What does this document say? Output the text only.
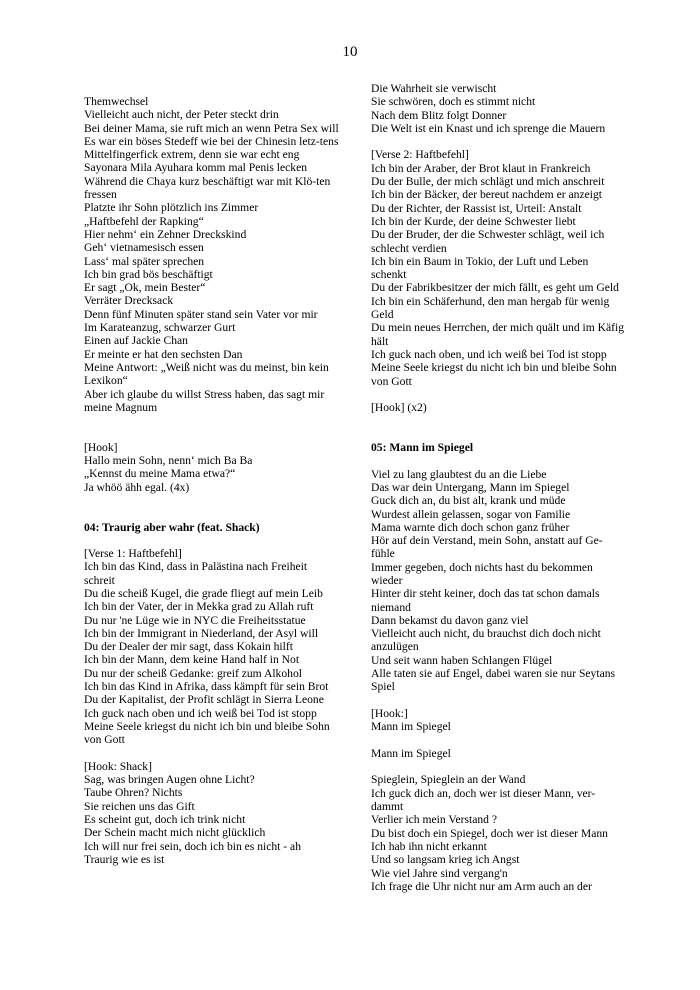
10
Themwechsel
Vielleicht auch nicht, der Peter steckt drin
Bei deiner Mama, sie ruft mich an wenn Petra Sex will
Es war ein böses Stedeff wie bei der Chinesin letz-tens
Mittelfingerfick extrem, denn sie war echt eng
Sayonara Mila Ayuhara komm mal Penis lecken
Während die Chaya kurz beschäftigt war mit Klö-ten fressen
Platzte ihr Sohn plötzlich ins Zimmer
„Haftbefehl der Rapking“
Hier nehm‘ ein Zehner Dreckskind
Geh‘ vietnamesisch essen
Lass‘ mal später sprechen
Ich bin grad bös beschäftigt
Er sagt „Ok, mein Bester“
Verräter Drecksack
Denn fünf Minuten später stand sein Vater vor mir
Im Karateanzug, schwarzer Gurt
Einen auf Jackie Chan
Er meinte er hat den sechsten Dan
Meine Antwort: „Weiß nicht was du meinst, bin kein Lexikon“
Aber ich glaube du willst Stress haben, das sagt mir meine Magnum
[Hook]
Hallo mein Sohn, nenn‘ mich Ba Ba
„Kennst du meine Mama etwa?“
Ja whöö ähh egal. (4x)
04: Traurig aber wahr (feat. Shack)
[Verse 1: Haftbefehl]
Ich bin das Kind, dass in Palästina nach Freiheit schreit
Du die scheiß Kugel, die grade fliegt auf mein Leib
Ich bin der Vater, der in Mekka grad zu Allah ruft
Du nur 'ne Lüge wie in NYC die Freiheitsstatue
Ich bin der Immigrant in Niederland, der Asyl will
Du der Dealer der mir sagt, dass Kokain hilft
Ich bin der Mann, dem keine Hand half in Not
Du nur der scheiß Gedanke: greif zum Alkohol
Ich bin das Kind in Afrika, dass kämpft für sein Brot
Du der Kapitalist, der Profit schlägt in Sierra Leone
Ich guck nach oben und ich weiß bei Tod ist stopp
Meine Seele kriegst du nicht ich bin und bleibe Sohn von Gott
[Hook: Shack]
Sag, was bringen Augen ohne Licht?
Taube Ohren? Nichts
Sie reichen uns das Gift
Es scheint gut, doch ich trink nicht
Der Schein macht mich nicht glücklich
Ich will nur frei sein, doch ich bin es nicht - ah
Traurig wie es ist
Die Wahrheit sie verwischt
Sie schwören, doch es stimmt nicht
Nach dem Blitz folgt Donner
Die Welt ist ein Knast und ich sprenge die Mauern
[Verse 2: Haftbefehl]
Ich bin der Araber, der Brot klaut in Frankreich
Du der Bulle, der mich schlägt und mich anschreit
Ich bin der Bäcker, der bereut nachdem er anzeigt
Du der Richter, der Rassist ist, Urteil: Anstalt
Ich bin der Kurde, der deine Schwester liebt
Du der Bruder, der die Schwester schlägt, weil ich schlecht verdien
Ich bin ein Baum in Tokio, der Luft und Leben schenkt
Du der Fabrikbesitzer der mich fällt, es geht um Geld
Ich bin ein Schäferhund, den man hergab für wenig Geld
Du mein neues Herrchen, der mich quält und im Käfig hält
Ich guck nach oben, und ich weiß bei Tod ist stopp
Meine Seele kriegst du nicht ich bin und bleibe Sohn von Gott
[Hook] (x2)
05: Mann im Spiegel
Viel zu lang glaubtest du an die Liebe
Das war dein Untergang, Mann im Spiegel
Guck dich an, du bist alt, krank und müde
Wurdest allein gelassen, sogar von Familie
Mama warnte dich doch schon ganz früher
Hör auf dein Verstand, mein Sohn, anstatt auf Ge-fühle
Immer gegeben, doch nichts hast du bekommen wieder
Hinter dir steht keiner, doch das tat schon damals niemand
Dann bekamst du davon ganz viel
Vielleicht auch nicht, du brauchst dich doch nicht anzulügen
Und seit wann haben Schlangen Flügel
Alle taten sie auf Engel, dabei waren sie nur Seytans Spiel
[Hook:]
Mann im Spiegel
Mann im Spiegel
Spieglein, Spieglein an der Wand
Ich guck dich an, doch wer ist dieser Mann, ver-dammt
Verlier ich mein Verstand ?
Du bist doch ein Spiegel, doch wer ist dieser Mann
Ich hab ihn nicht erkannt
Und so langsam krieg ich Angst
Wie viel Jahre sind vergang'n
Ich frage die Uhr nicht nur am Arm auch an der
